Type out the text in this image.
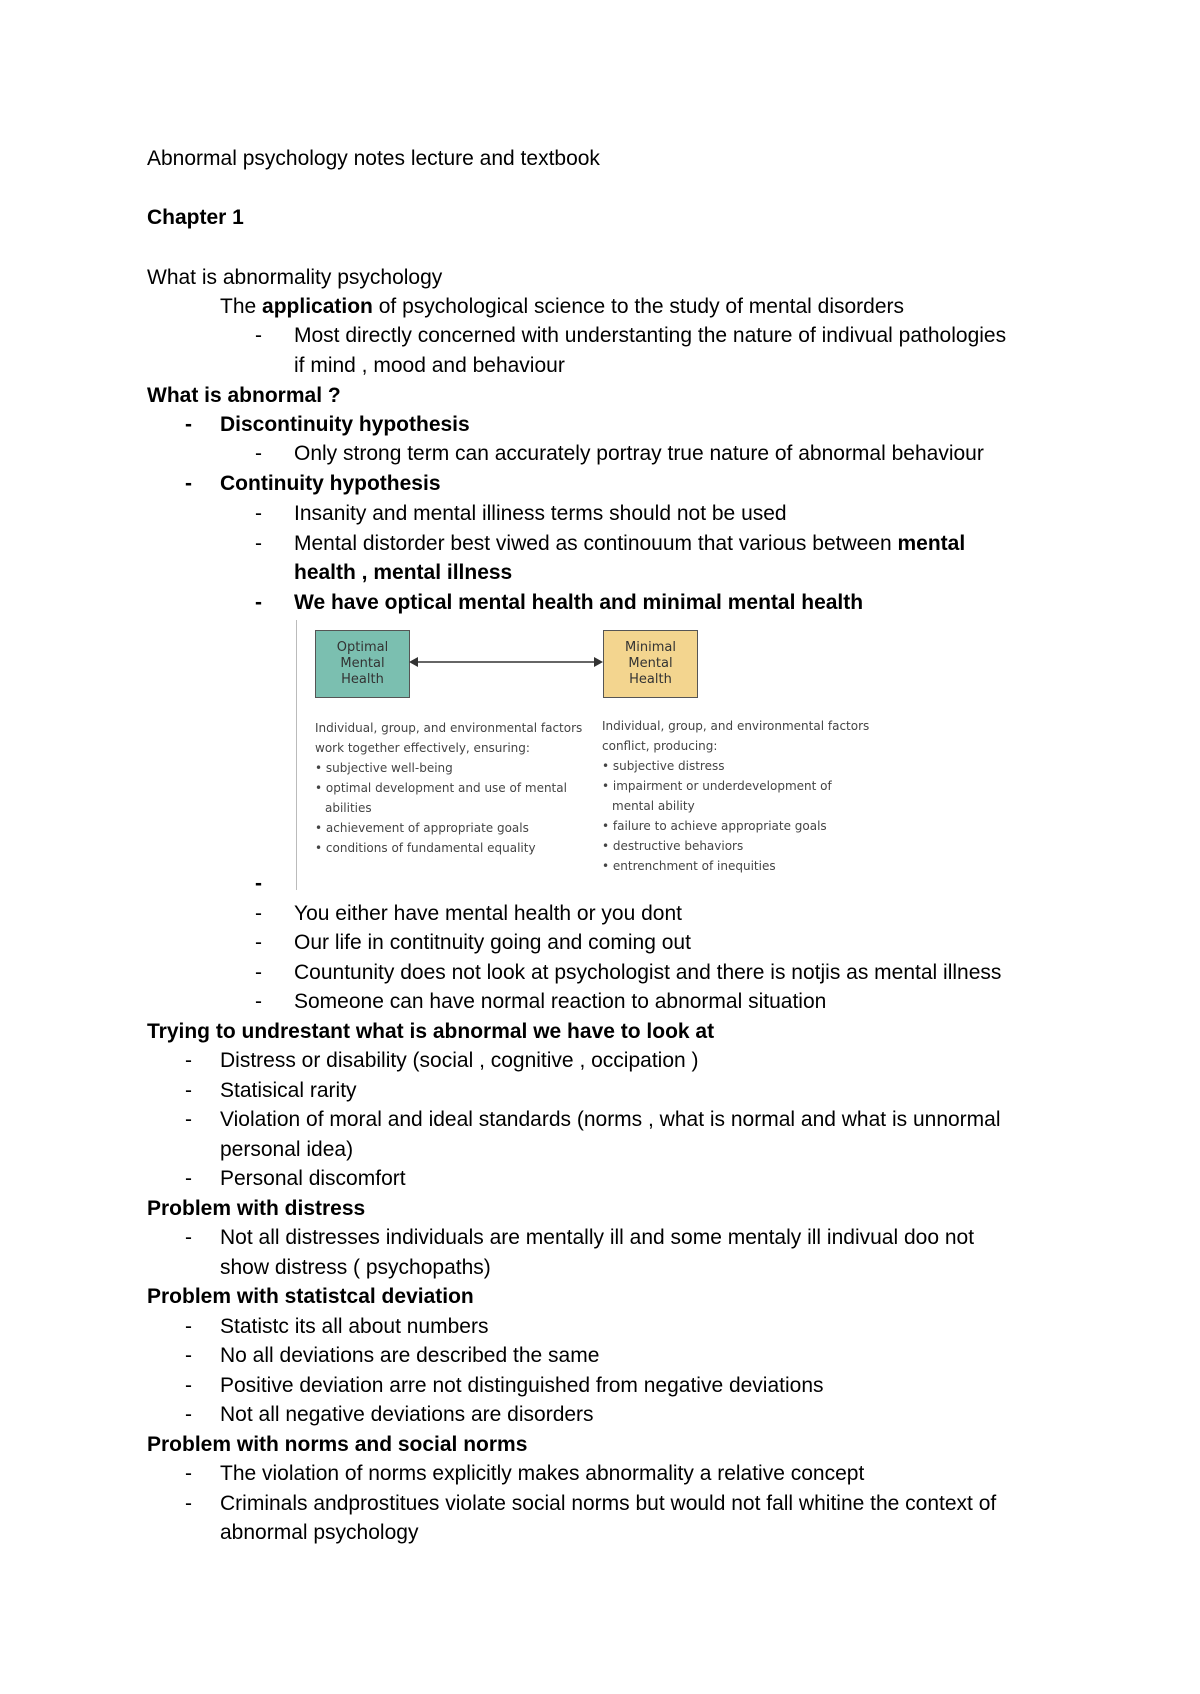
Abnormal psychology notes lecture and textbook
Chapter 1
What is abnormality psychology
The application of psychological science to the study of mental disorders
- Most directly concerned with understanting the nature of indivual pathologies
if mind , mood and behaviour
What is abnormal ?
- Discontinuity hypothesis
- Only strong term can accurately portray true nature of abnormal behaviour
- Continuity hypothesis
- Insanity and mental illiness terms should not be used
- Mental distorder best viwed as continouum that various between mental
health , mental illness
- We have optical mental health and minimal mental health
Optimal Mental Health
Minimal Mental Health
Individual, group, and environmental factors
work together effectively, ensuring:
• subjective well-being
• optimal development and use of mental
abilities
• achievement of appropriate goals
• conditions of fundamental equality
Individual, group, and environmental factors
conflict, producing:
• subjective distress
• impairment or underdevelopment of
mental ability
• failure to achieve appropriate goals
• destructive behaviors
• entrenchment of inequities
-
- You either have mental health or you dont
- Our life in contitnuity going and coming out
- Countunity does not look at psychologist and there is notjis as mental illness
- Someone can have normal reaction to abnormal situation
Trying to undrestant what is abnormal we have to look at
- Distress or disability (social , cognitive , occipation )
- Statisical rarity
- Violation of moral and ideal standards (norms , what is normal and what is unnormal
personal idea)
- Personal discomfort
Problem with distress
- Not all distresses individuals are mentally ill and some mentaly ill indivual doo not
show distress ( psychopaths)
Problem with statistcal deviation
- Statistc its all about numbers
- No all deviations are described the same
- Positive deviation arre not distinguished from negative deviations
- Not all negative deviations are disorders
Problem with norms and social norms
- The violation of norms explicitly makes abnormality a relative concept
- Criminals andprostitues violate social norms but would not fall whitine the context of
abnormal psychology
